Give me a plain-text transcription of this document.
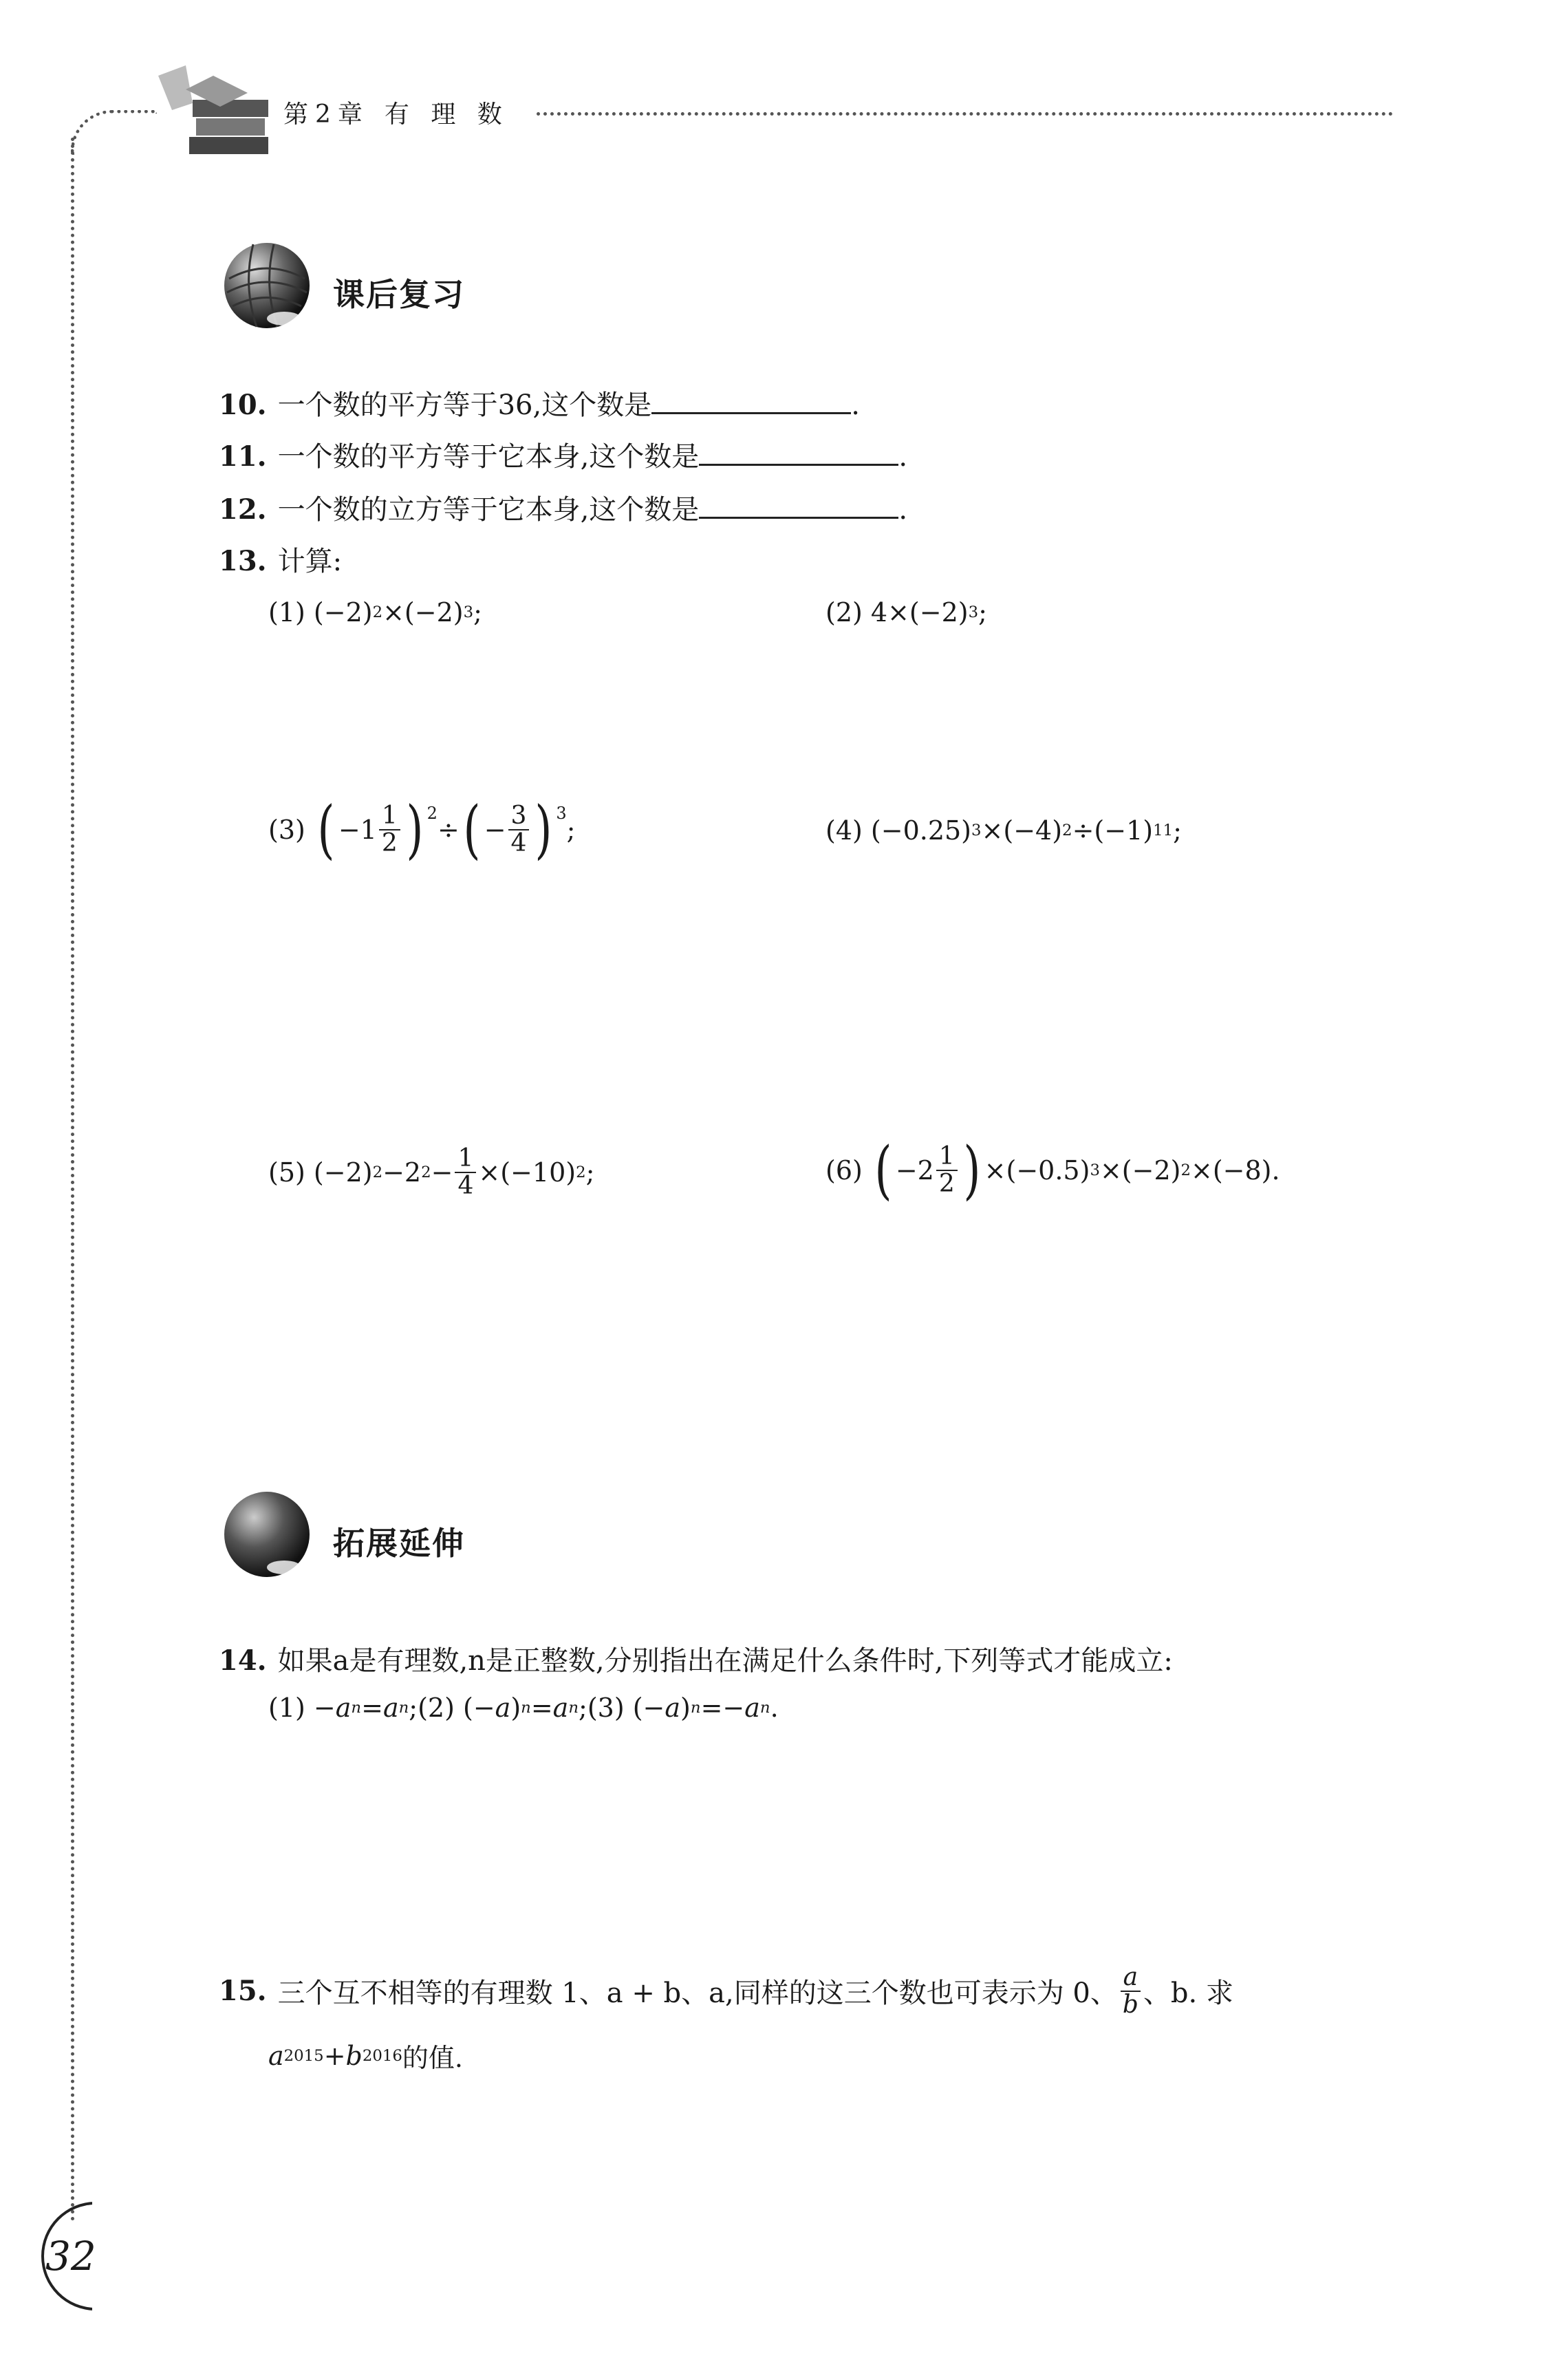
第2章 有 理 数
课后复习
10. 一个数的平方等于36,这个数是	.
11. 一个数的平方等于它本身,这个数是	.
12. 一个数的立方等于它本身,这个数是	.
13. 计算:
(1) (−2) 2 ×(−2) 3 ;	(2) 4×(−2) 3 ;
(3)
( $-1 \frac{1}{2}$ ) 2
÷ ( − $\frac{3}{4}$ ) 3
;	(4) (−0.25) 3 ×(−4) 2 ÷(−1) 11 ;
(5) (−2) 2 −2 $2 - \frac{1}{4} \times(-10)$ 2 ;	(6)
( $-2 \frac{1}{2}$ ) ×(−0.5) 3 ×(−2) 2 ×(−8).
拓展延伸
14. 如果a是有理数,n是正整数,分别指出在满足什么条件时,下列等式才能成立:
(1) − a n = a n ;(2) (− a ) n = a n ;(3) (− a ) n =− a n .
15. 三个互不相等的有理数 1、a + b、a,同样的这三个数也可表示为 0、 $\frac{a}{b}$ 、b. 求
a 2015 + b 2016 的值.
32
